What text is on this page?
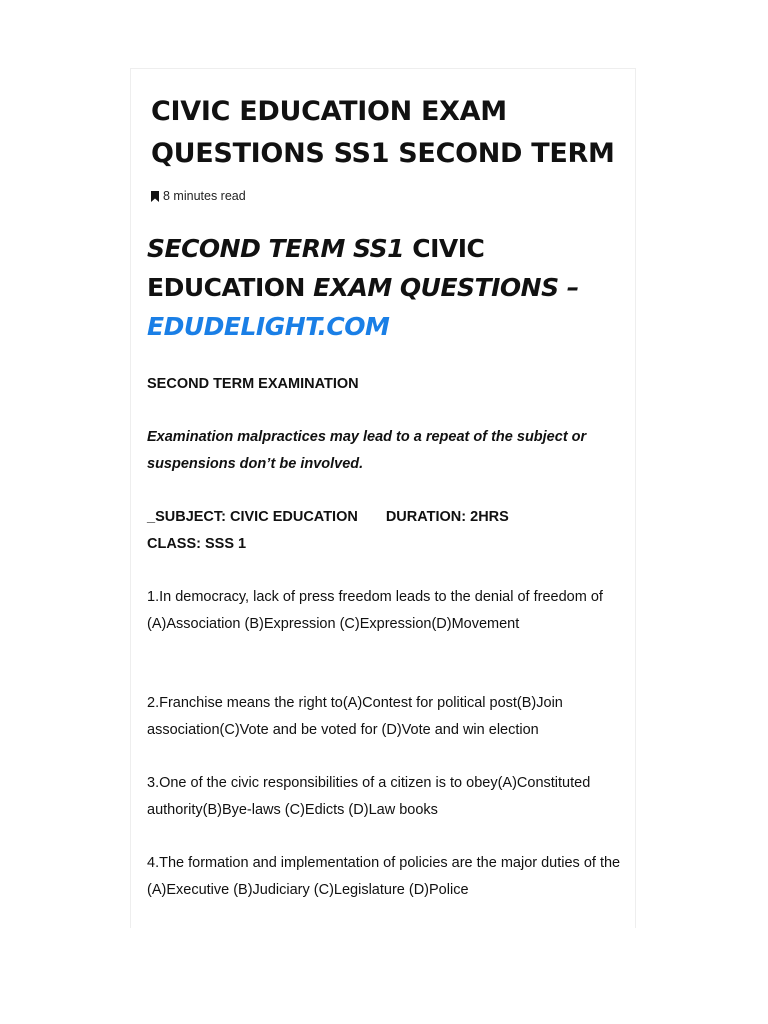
CIVIC EDUCATION EXAM QUESTIONS SS1 SECOND TERM
8 minutes read
SECOND TERM SS1 CIVIC EDUCATION EXAM QUESTIONS –
EDUDELIGHT.COM

SECOND TERM EXAMINATION

Examination malpractices may lead to a repeat of the subject or suspensions don’t be involved.

_SUBJECT: CIVIC EDUCATION DURATION: 2HRS
CLASS: SSS 1

1.In democracy, lack of press freedom leads to the denial of freedom of (A)Association (B)Expression (C)Expression(D)Movement

2.Franchise means the right to(A)Contest for political post(B)Join association(C)Vote and be voted for (D)Vote and win election

3.One of the civic responsibilities of a citizen is to obey(A)Constituted authority(B)Bye-laws (C)Edicts (D)Law books

4.The formation and implementation of policies are the major duties of the (A)Executive (B)Judiciary (C)Legislature (D)Police
